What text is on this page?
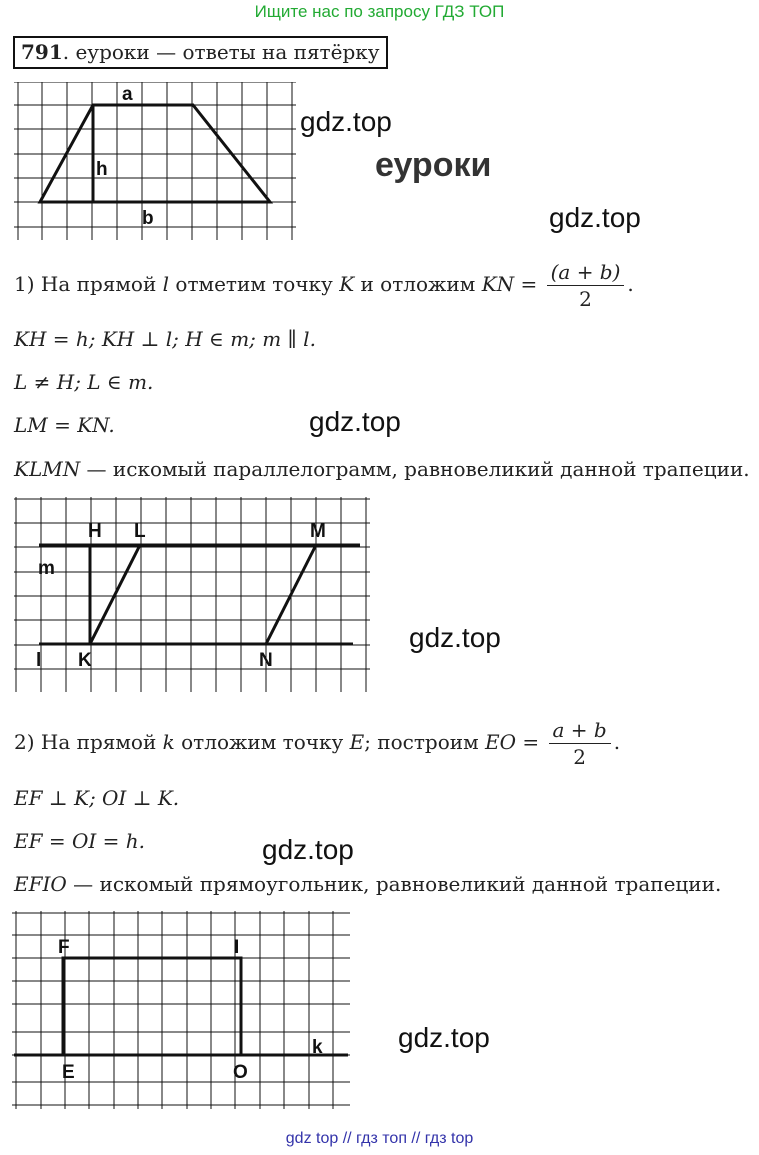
Ищите нас по запросу ГДЗ ТОП
791. еуроки — ответы на пятёрку
a
h
b
gdz.top
еуроки
gdz.top
1) На прямой l отметим точку K и отложим KN = $\frac{(a + b)}{2}$ .
KH = h; KH ⊥ l; H ∈ m; m ∥ l.
L ≠ H; L ∈ m.
LM = KN.	gdz.top
KLMN — искомый параллелограмм, равновеликий данной трапеции.
H L	M
m
l K	N
gdz.top
2) На прямой k отложим точку E; построим EO = $\frac{a + b}{2}$ .
EF ⊥ K; OI ⊥ K.
EF = OI = h.	gdz.top
EFIO — искомый прямоугольник, равновеликий данной трапеции.
F	I
E	O
k	gdz.top
gdz top // гдз топ // гдз top
